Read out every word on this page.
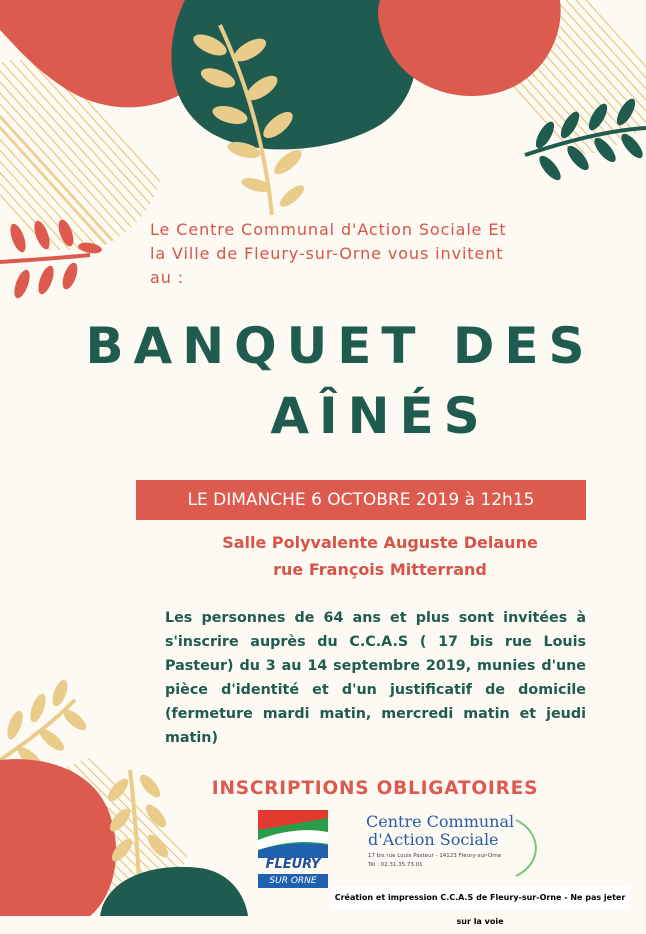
Le Centre Communal d'Action Sociale Et
la Ville de Fleury-sur-Orne vous invitent
au :
BANQUET DES
AÎNÉS
LE DIMANCHE 6 OCTOBRE 2019 à 12h15
Salle Polyvalente Auguste Delaune
rue François Mitterrand
Les personnes de 64 ans et plus sont invitées à s'inscrire auprès du C.C.A.S ( 17 bis rue Louis Pasteur) du 3 au 14 septembre 2019, munies d'une pièce d'identité et d'un justificatif de domicile (fermeture mardi matin, mercredi matin et jeudi matin)
INSCRIPTIONS OBLIGATOIRES
FLEURY
SUR ORNE
Centre Communal
d'Action Sociale
17 bis rue Louis Pasteur - 14123 Fleury-sur-Orne
Tél : 02.31.35.73.01
Création et impression C.C.A.S de Fleury-sur-Orne - Ne pas jeter sur la voie
